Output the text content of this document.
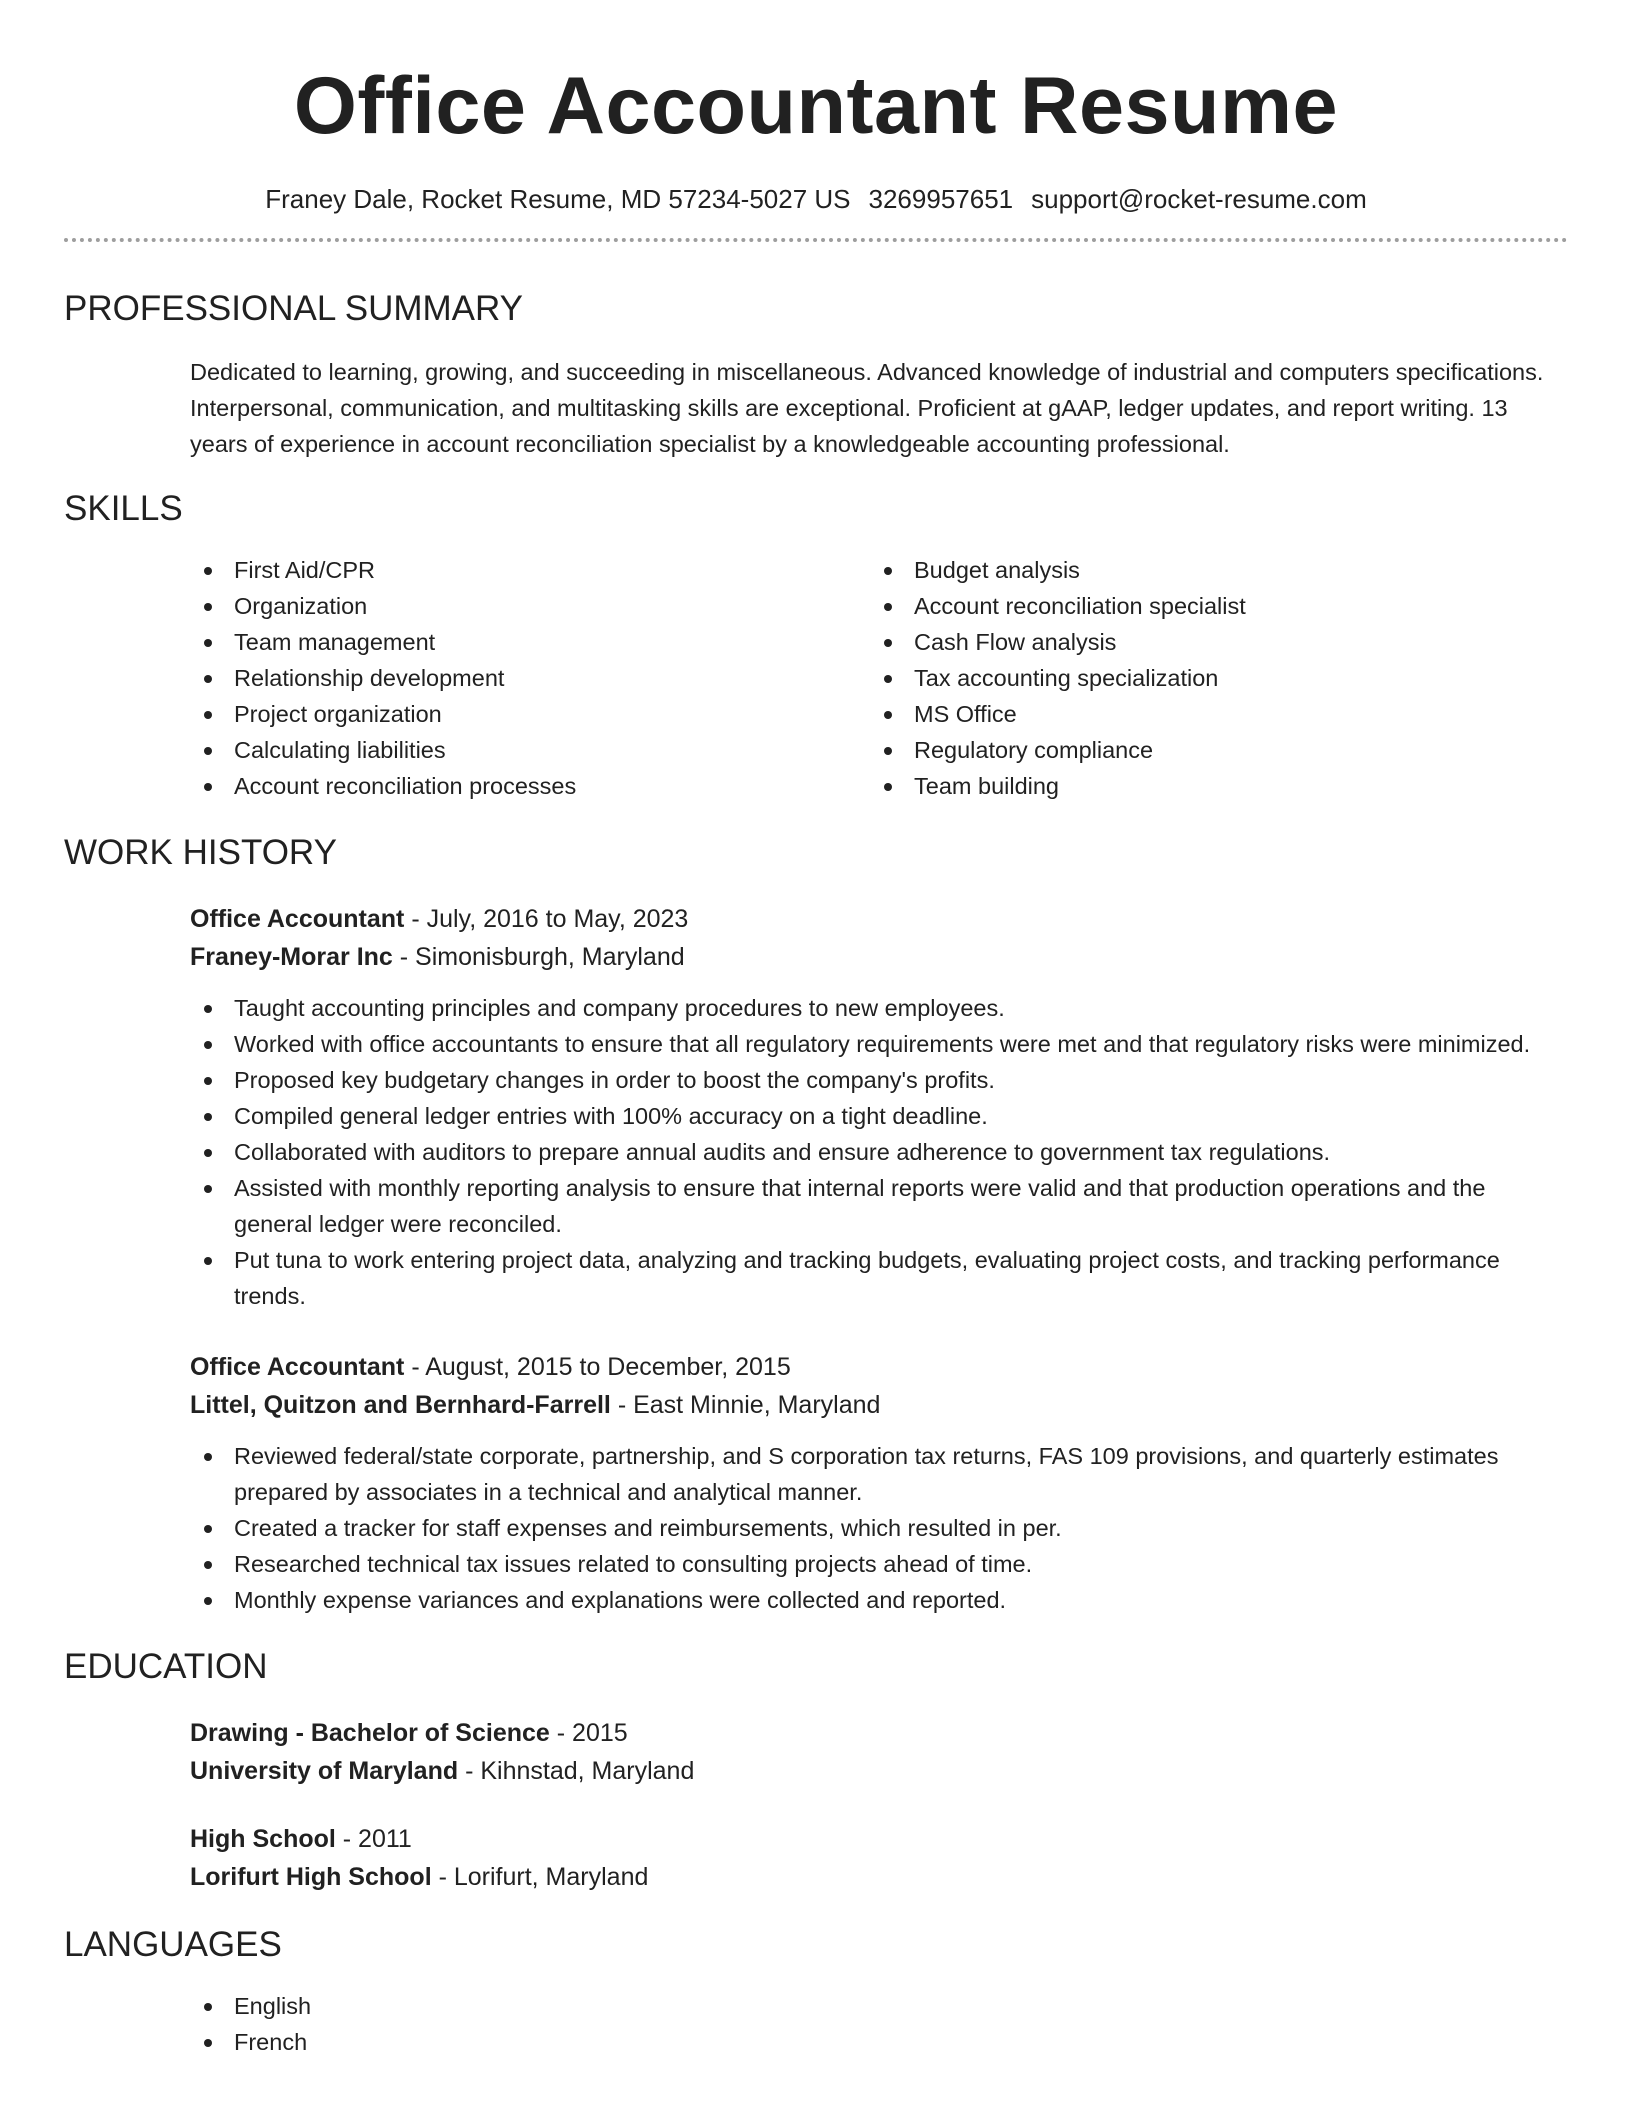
Office Accountant Resume
Franey Dale, Rocket Resume, MD 57234-5027 US 3269957651 support@rocket-resume.com
PROFESSIONAL SUMMARY

Dedicated to learning, growing, and succeeding in miscellaneous. Advanced knowledge of industrial and computers specifications. Interpersonal, communication, and multitasking skills are exceptional. Proficient at gAAP, ledger updates, and report writing. 13 years of experience in account reconciliation specialist by a knowledgeable accounting professional.

SKILLS
First Aid/CPR
Organization
Team management
Relationship development
Project organization
Calculating liabilities
Account reconciliation processes
Budget analysis
Account reconciliation specialist
Cash Flow analysis
Tax accounting specialization
MS Office
Regulatory compliance
Team building
WORK HISTORY
Office Accountant - July, 2016 to May, 2023
Franey-Morar Inc - Simonisburgh, Maryland
Taught accounting principles and company procedures to new employees.
Worked with office accountants to ensure that all regulatory requirements were met and that regulatory risks were minimized.
Proposed key budgetary changes in order to boost the company's profits.
Compiled general ledger entries with 100% accuracy on a tight deadline.
Collaborated with auditors to prepare annual audits and ensure adherence to government tax regulations.
Assisted with monthly reporting analysis to ensure that internal reports were valid and that production operations and the general ledger were reconciled.
Put tuna to work entering project data, analyzing and tracking budgets, evaluating project costs, and tracking performance trends.
Office Accountant - August, 2015 to December, 2015
Littel, Quitzon and Bernhard-Farrell - East Minnie, Maryland
Reviewed federal/state corporate, partnership, and S corporation tax returns, FAS 109 provisions, and quarterly estimates prepared by associates in a technical and analytical manner.
Created a tracker for staff expenses and reimbursements, which resulted in per.
Researched technical tax issues related to consulting projects ahead of time.
Monthly expense variances and explanations were collected and reported.
EDUCATION
Drawing - Bachelor of Science - 2015
University of Maryland - Kihnstad, Maryland
High School - 2011
Lorifurt High School - Lorifurt, Maryland
LANGUAGES
English
French
